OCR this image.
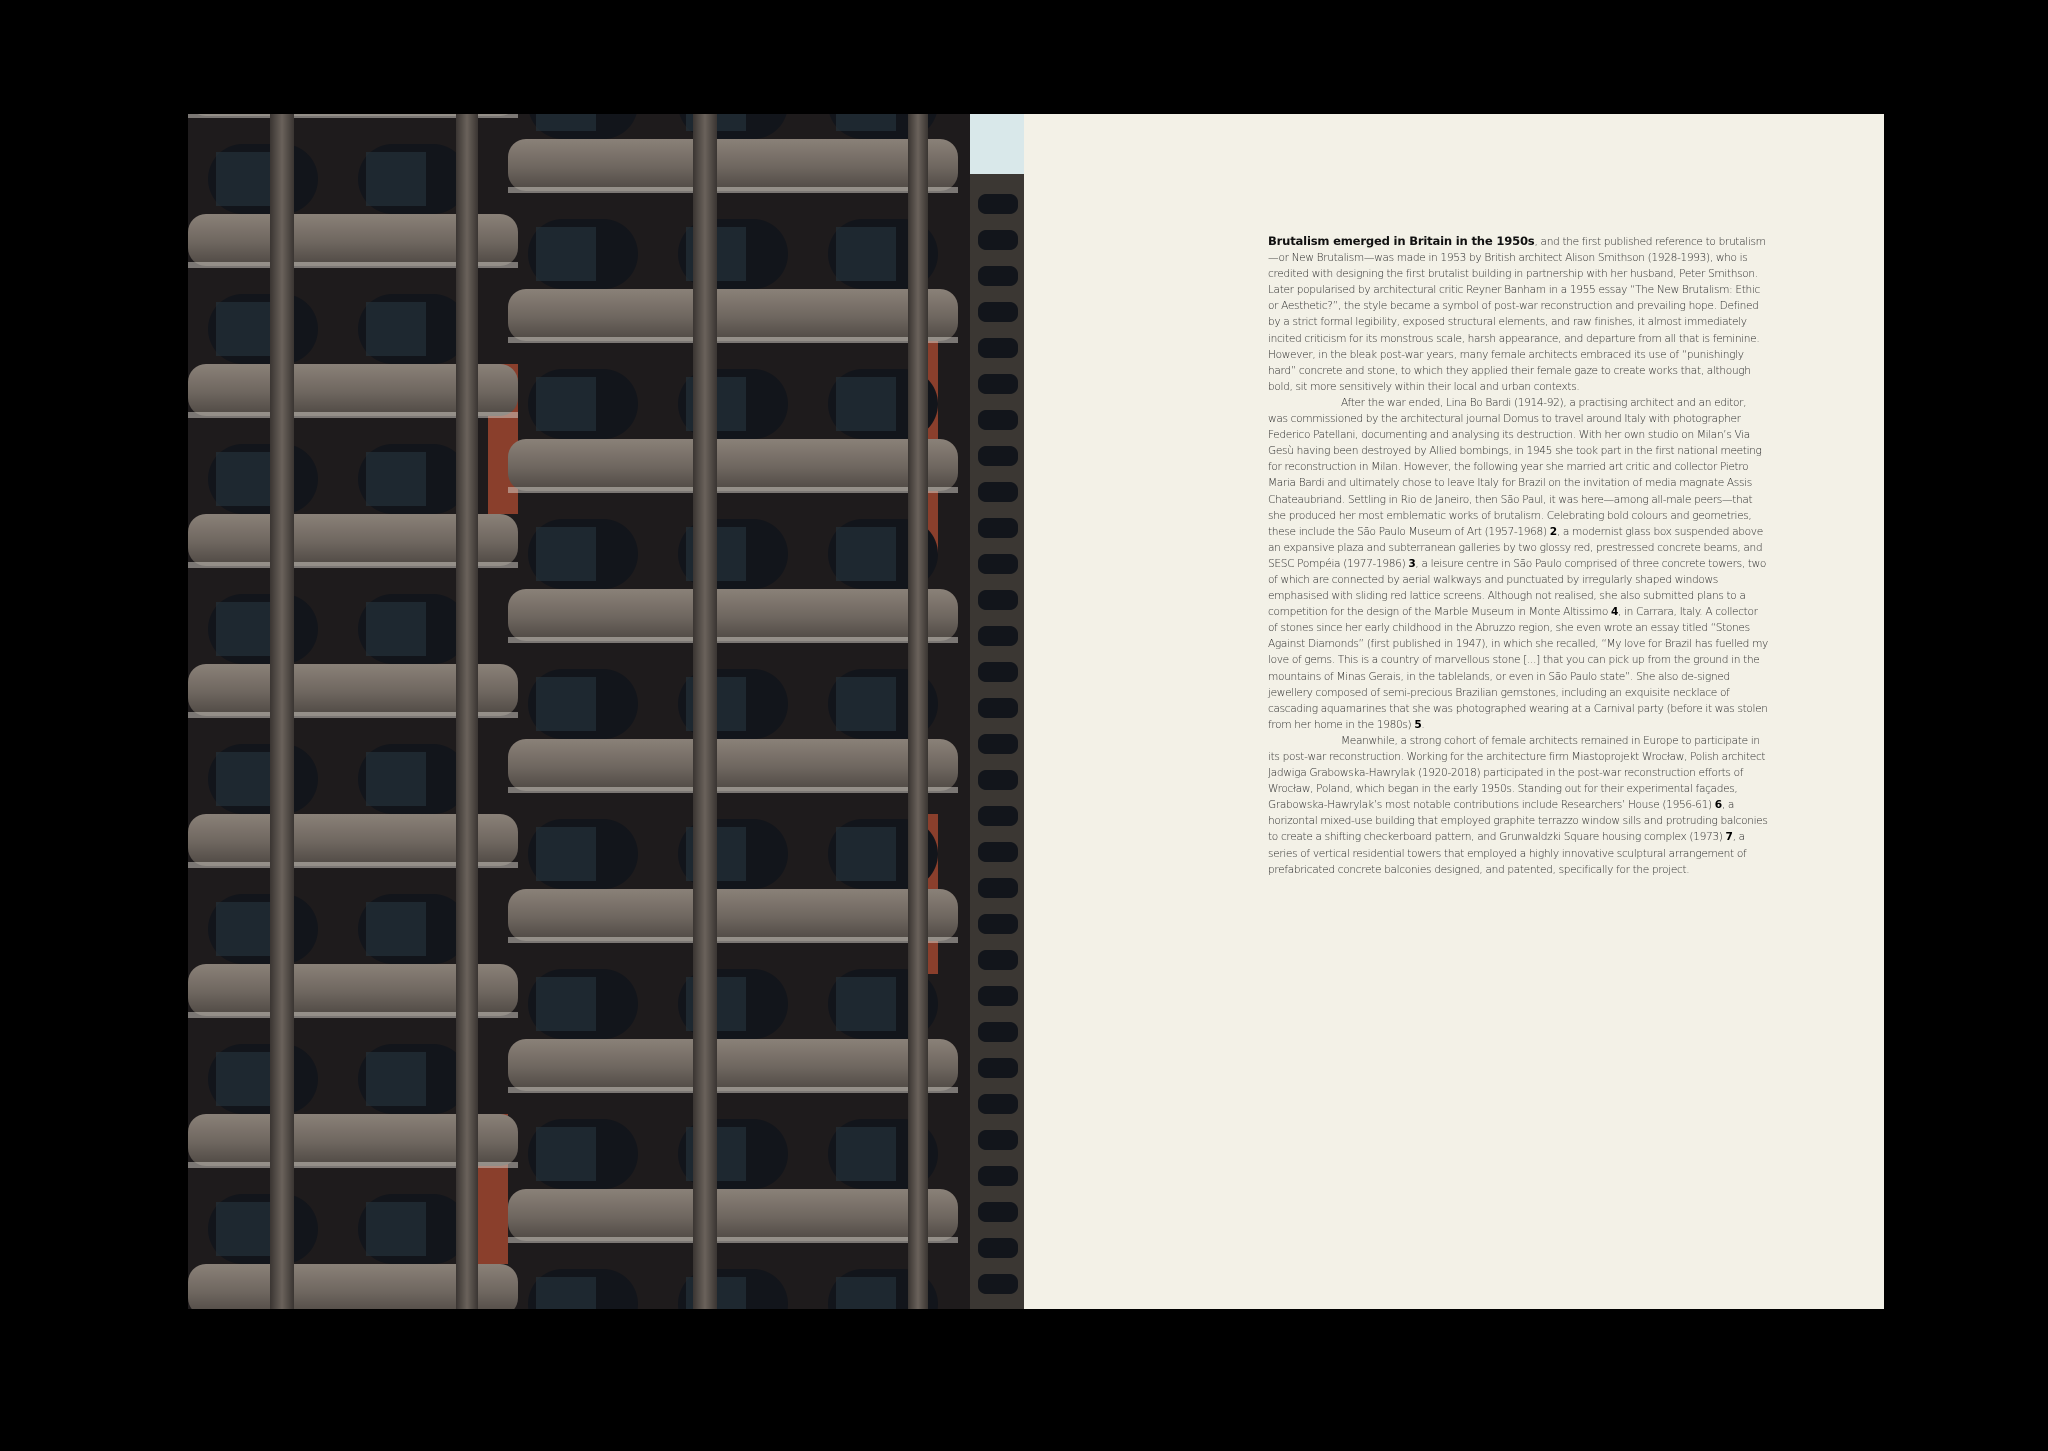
Brutalism emerged in Britain in the 1950s, and the first published reference to brutalism—or New Brutalism—was made in 1953 by British architect Alison Smithson (1928-1993), who is credited with designing the first brutalist building in partnership with her husband, Peter Smithson. Later popularised by architectural critic Reyner Banham in a 1955 essay “The New Brutalism: Ethic or Aesthetic?”, the style became a symbol of post-war reconstruction and prevailing hope. Defined by a strict formal legibility, exposed structural elements, and raw finishes, it almost immediately incited criticism for its monstrous scale, harsh appearance, and departure from all that is feminine. However, in the bleak post-war years, many female architects embraced its use of “punishingly hard” concrete and stone, to which they applied their female gaze to create works that, although bold, sit more sensitively within their local and urban contexts.

After the war ended, Lina Bo Bardi (1914-92), a practising architect and an editor, was commissioned by the architectural journal Domus to travel around Italy with photographer Federico Patellani, documenting and analysing its destruction. With her own studio on Milan’s Via Gesù having been destroyed by Allied bombings, in 1945 she took part in the first national meeting for reconstruction in Milan. However, the following year she married art critic and collector Pietro Maria Bardi and ultimately chose to leave Italy for Brazil on the invitation of media magnate Assis Chateaubriand. Settling in Rio de Janeiro, then São Paul, it was here—among all-male peers—that she produced her most emblematic works of brutalism. Celebrating bold colours and geometries, these include the São Paulo Museum of Art (1957-1968) 2, a modernist glass box suspended above an expansive plaza and subterranean galleries by two glossy red, prestressed concrete beams, and SESC Pompéia (1977-1986) 3, a leisure centre in São Paulo comprised of three concrete towers, two of which are connected by aerial walkways and punctuated by irregularly shaped windows emphasised with sliding red lattice screens. Although not realised, she also submitted plans to a competition for the design of the Marble Museum in Monte Altissimo 4, in Carrara, Italy. A collector of stones since her early childhood in the Abruzzo region, she even wrote an essay titled “Stones Against Diamonds” (first published in 1947), in which she recalled, “My love for Brazil has fuelled my love of gems. This is a country of marvellous stone [...] that you can pick up from the ground in the mountains of Minas Gerais, in the tablelands, or even in São Paulo state”. She also de-signed jewellery composed of semi-precious Brazilian gemstones, including an exquisite necklace of cascading aquamarines that she was photographed wearing at a Carnival party (before it was stolen from her home in the 1980s) 5.

Meanwhile, a strong cohort of female architects remained in Europe to participate in its post-war reconstruction. Working for the architecture firm Miastoprojekt Wrocław, Polish architect Jadwiga Grabowska-Hawrylak (1920-2018) participated in the post-war reconstruction efforts of Wrocław, Poland, which began in the early 1950s. Standing out for their experimental façades, Grabowska-Hawrylak’s most notable contributions include Researchers’ House (1956-61) 6, a horizontal mixed-use building that employed graphite terrazzo window sills and protruding balconies to create a shifting checkerboard pattern, and Grunwaldzki Square housing complex (1973) 7, a series of vertical residential towers that employed a highly innovative sculptural arrangement of prefabricated concrete balconies designed, and patented, specifically for the project.
